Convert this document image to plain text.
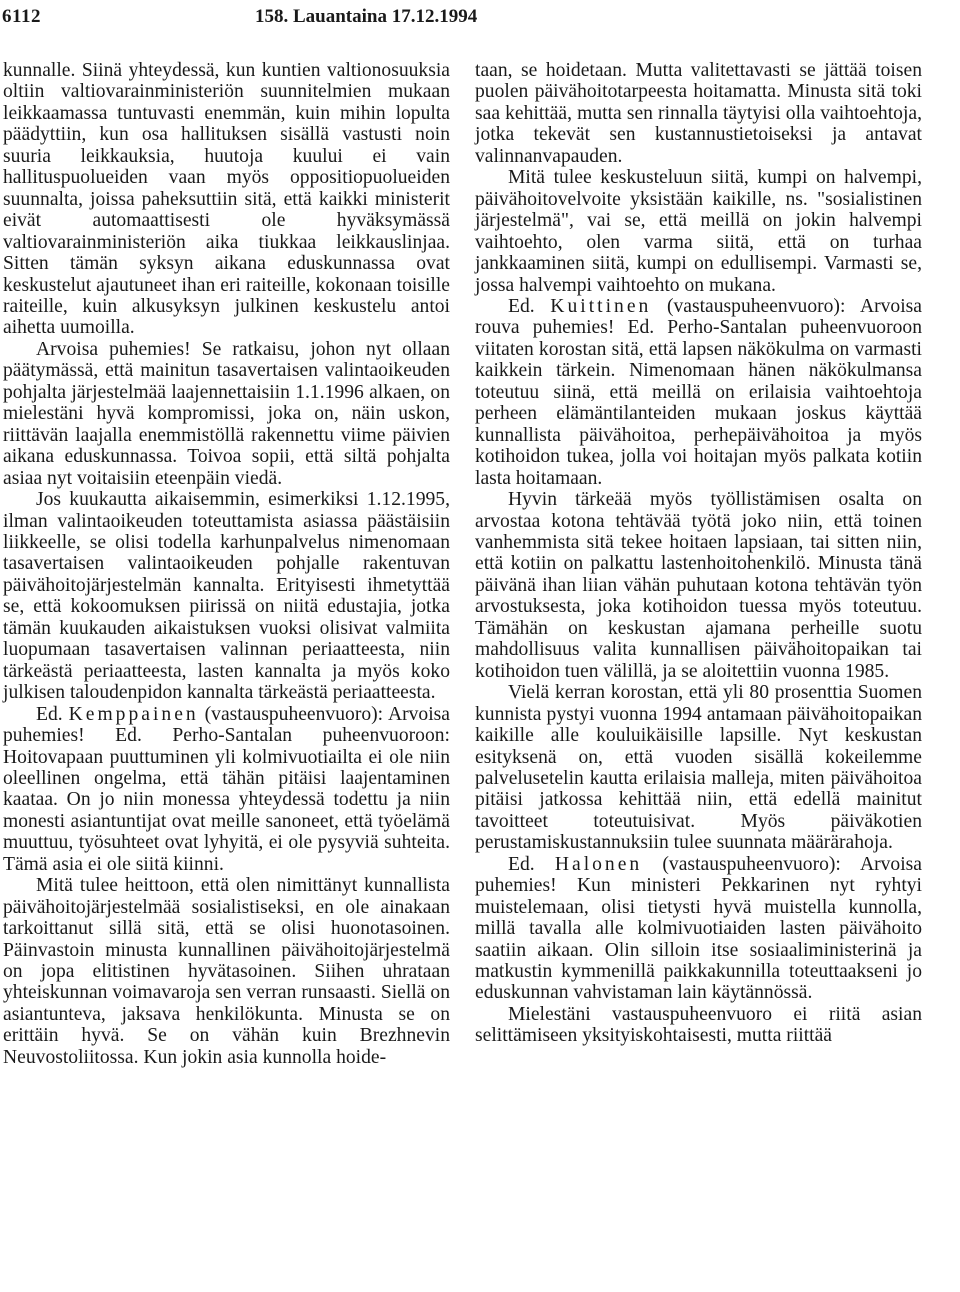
6112	158. Lauantaina 17.12.1994

kunnalle. Siinä yhteydessä, kun kuntien valtionosuuksia oltiin valtiovarainministeriön suunnitelmien mukaan leikkaamassa tuntuvasti enemmän, kuin mihin lopulta päädyttiin, kun osa hallituksen sisällä vastusti noin suuria leikkauksia, huutoja kuului ei vain hallituspuolueiden vaan myös oppositiopuolueiden suunnalta, joissa paheksuttiin sitä, että kaikki ministerit eivät automaattisesti ole hyväksymässä valtiovarainministeriön aika tiukkaa leikkauslinjaa. Sitten tämän syksyn aikana eduskunnassa ovat keskustelut ajautuneet ihan eri raiteille, kokonaan toisille raiteille, kuin alkusyksyn julkinen keskustelu antoi aihetta uumoilla.

Arvoisa puhemies! Se ratkaisu, johon nyt ollaan päätymässä, että mainitun tasavertaisen valintaoikeuden pohjalta järjestelmää laajennettaisiin 1.1.1996 alkaen, on mielestäni hyvä kompromissi, joka on, näin uskon, riittävän laajalla enemmistöllä rakennettu viime päivien aikana eduskunnassa. Toivoa sopii, että siltä pohjalta asiaa nyt voitaisiin eteenpäin viedä.

Jos kuukautta aikaisemmin, esimerkiksi 1.12.1995, ilman valintaoikeuden toteuttamista asiassa päästäisiin liikkeelle, se olisi todella karhunpalvelus nimenomaan tasavertaisen valintaoikeuden pohjalle rakentuvan päivähoitojärjestelmän kannalta. Erityisesti ihmetyttää se, että kokoomuksen piirissä on niitä edustajia, jotka tämän kuukauden aikaistuksen vuoksi olisivat valmiita luopumaan tasavertaisen valinnan periaatteesta, niin tärkeästä periaatteesta, lasten kannalta ja myös koko julkisen taloudenpidon kannalta tärkeästä periaatteesta.

Ed. Kemppainen (vastauspuheenvuoro): Arvoisa puhemies! Ed. Perho-Santalan puheenvuoroon: Hoitovapaan puuttuminen yli kolmivuotiailta ei ole niin oleellinen ongelma, että tähän pitäisi laajentaminen kaataa. On jo niin monessa yhteydessä todettu ja niin monesti asiantuntijat ovat meille sanoneet, että työelämä muuttuu, työsuhteet ovat lyhyitä, ei ole pysyviä suhteita. Tämä asia ei ole siitä kiinni.

Mitä tulee heittoon, että olen nimittänyt kunnallista päivähoitojärjestelmää sosialistiseksi, en ole ainakaan tarkoittanut sillä sitä, että se olisi huonotasoinen. Päinvastoin minusta kunnallinen päivähoitojärjestelmä on jopa elitistinen hyvätasoinen. Siihen uhrataan yhteiskunnan voimavaroja sen verran runsaasti. Siellä on asiantunteva, jaksava henkilökunta. Minusta se on erittäin hyvä. Se on vähän kuin Brezhnevin Neuvostoliitossa. Kun jokin asia kunnolla hoide-

taan, se hoidetaan. Mutta valitettavasti se jättää toisen puolen päivähoitotarpeesta hoitamatta. Minusta sitä toki saa kehittää, mutta sen rinnalla täytyisi olla vaihtoehtoja, jotka tekevät sen kustannustietoiseksi ja antavat valinnanvapauden.

Mitä tulee keskusteluun siitä, kumpi on halvempi, päivähoitovelvoite yksistään kaikille, ns. "sosialistinen järjestelmä", vai se, että meillä on jokin halvempi vaihtoehto, olen varma siitä, että on turhaa jankkaaminen siitä, kumpi on edullisempi. Varmasti se, jossa halvempi vaihtoehto on mukana.

Ed. Kuittinen (vastauspuheenvuoro): Arvoisa rouva puhemies! Ed. Perho-Santalan puheenvuoroon viitaten korostan sitä, että lapsen näkökulma on varmasti kaikkein tärkein. Nimenomaan hänen näkökulmansa toteutuu siinä, että meillä on erilaisia vaihtoehtoja perheen elämäntilanteiden mukaan joskus käyttää kunnallista päivähoitoa, perhepäivähoitoa ja myös kotihoidon tukea, jolla voi hoitajan myös palkata kotiin lasta hoitamaan.

Hyvin tärkeää myös työllistämisen osalta on arvostaa kotona tehtävää työtä joko niin, että toinen vanhemmista sitä tekee hoitaen lapsiaan, tai sitten niin, että kotiin on palkattu lastenhoitohenkilö. Minusta tänä päivänä ihan liian vähän puhutaan kotona tehtävän työn arvostuksesta, joka kotihoidon tuessa myös toteutuu. Tämähän on keskustan ajamana perheille suotu mahdollisuus valita kunnallisen päivähoitopaikan tai kotihoidon tuen välillä, ja se aloitettiin vuonna 1985.

Vielä kerran korostan, että yli 80 prosenttia Suomen kunnista pystyi vuonna 1994 antamaan päivähoitopaikan kaikille alle kouluikäisille lapsille. Nyt keskustan esityksenä on, että vuoden sisällä kokeilemme palvelusetelin kautta erilaisia malleja, miten päivähoitoa pitäisi jatkossa kehittää niin, että edellä mainitut tavoitteet toteutuisivat. Myös päiväkotien perustamiskustannuksiin tulee suunnata määrärahoja.

Ed. Halonen (vastauspuheenvuoro): Arvoisa puhemies! Kun ministeri Pekkarinen nyt ryhtyi muistelemaan, olisi tietysti hyvä muistella kunnolla, millä tavalla alle kolmivuotiaiden lasten päivähoito saatiin aikaan. Olin silloin itse sosiaaliministerinä ja matkustin kymmenillä paikkakunnilla toteuttaakseni jo eduskunnan vahvistaman lain käytännössä.

Mielestäni vastauspuheenvuoro ei riitä asian selittämiseen yksityiskohtaisesti, mutta riittää
